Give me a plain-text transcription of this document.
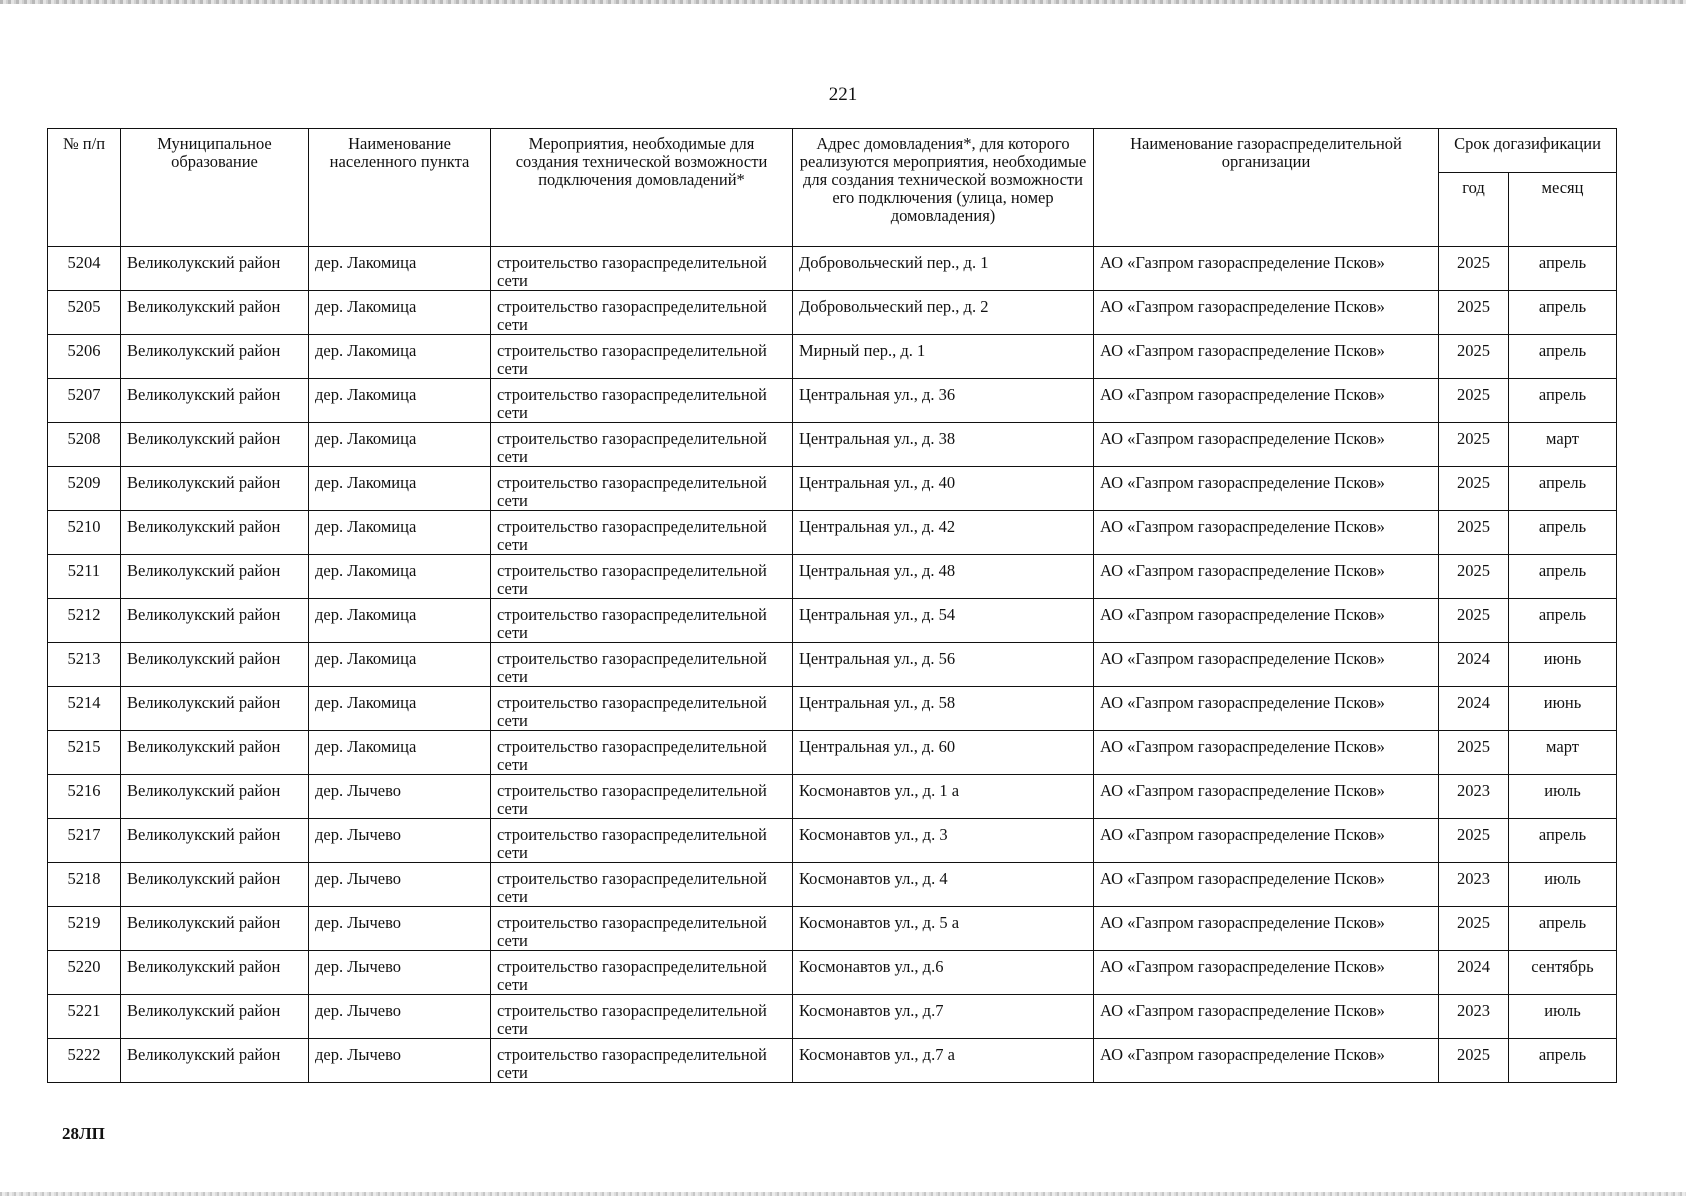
221
№ п/п	Муниципальное образование	Наименование населенного пункта	Мероприятия, необходимые для создания технической возможности подключения домовладений*	Адрес домовладения*, для которого реализуются мероприятия, необходимые для создания технической возможности его подключения (улица, номер домовладения)	Наименование газораспределительной организации	Срок догазификации	
						год	месяц
5204	Великолукский район	дер. Лакомица	строительство газораспределительной сети	Добровольческий пер., д. 1	АО «Газпром газораспределение Псков»	2025	апрель
5205	Великолукский район	дер. Лакомица	строительство газораспределительной сети	Добровольческий пер., д. 2	АО «Газпром газораспределение Псков»	2025	апрель
5206	Великолукский район	дер. Лакомица	строительство газораспределительной сети	Мирный пер., д. 1	АО «Газпром газораспределение Псков»	2025	апрель
5207	Великолукский район	дер. Лакомица	строительство газораспределительной сети	Центральная ул., д. 36	АО «Газпром газораспределение Псков»	2025	апрель
5208	Великолукский район	дер. Лакомица	строительство газораспределительной сети	Центральная ул., д. 38	АО «Газпром газораспределение Псков»	2025	март
5209	Великолукский район	дер. Лакомица	строительство газораспределительной сети	Центральная ул., д. 40	АО «Газпром газораспределение Псков»	2025	апрель
5210	Великолукский район	дер. Лакомица	строительство газораспределительной сети	Центральная ул., д. 42	АО «Газпром газораспределение Псков»	2025	апрель
5211	Великолукский район	дер. Лакомица	строительство газораспределительной сети	Центральная ул., д. 48	АО «Газпром газораспределение Псков»	2025	апрель
5212	Великолукский район	дер. Лакомица	строительство газораспределительной сети	Центральная ул., д. 54	АО «Газпром газораспределение Псков»	2025	апрель
5213	Великолукский район	дер. Лакомица	строительство газораспределительной сети	Центральная ул., д. 56	АО «Газпром газораспределение Псков»	2024	июнь
5214	Великолукский район	дер. Лакомица	строительство газораспределительной сети	Центральная ул., д. 58	АО «Газпром газораспределение Псков»	2024	июнь
5215	Великолукский район	дер. Лакомица	строительство газораспределительной сети	Центральная ул., д. 60	АО «Газпром газораспределение Псков»	2025	март
5216	Великолукский район	дер. Лычево	строительство газораспределительной сети	Космонавтов ул., д. 1 а	АО «Газпром газораспределение Псков»	2023	июль
5217	Великолукский район	дер. Лычево	строительство газораспределительной сети	Космонавтов ул., д. 3	АО «Газпром газораспределение Псков»	2025	апрель
5218	Великолукский район	дер. Лычево	строительство газораспределительной сети	Космонавтов ул., д. 4	АО «Газпром газораспределение Псков»	2023	июль
5219	Великолукский район	дер. Лычево	строительство газораспределительной сети	Космонавтов ул., д. 5 а	АО «Газпром газораспределение Псков»	2025	апрель
5220	Великолукский район	дер. Лычево	строительство газораспределительной сети	Космонавтов ул., д.6	АО «Газпром газораспределение Псков»	2024	сентябрь
5221	Великолукский район	дер. Лычево	строительство газораспределительной сети	Космонавтов ул., д.7	АО «Газпром газораспределение Псков»	2023	июль
5222	Великолукский район	дер. Лычево	строительство газораспределительной сети	Космонавтов ул., д.7 а	АО «Газпром газораспределение Псков»	2025	апрель
28ЛП
